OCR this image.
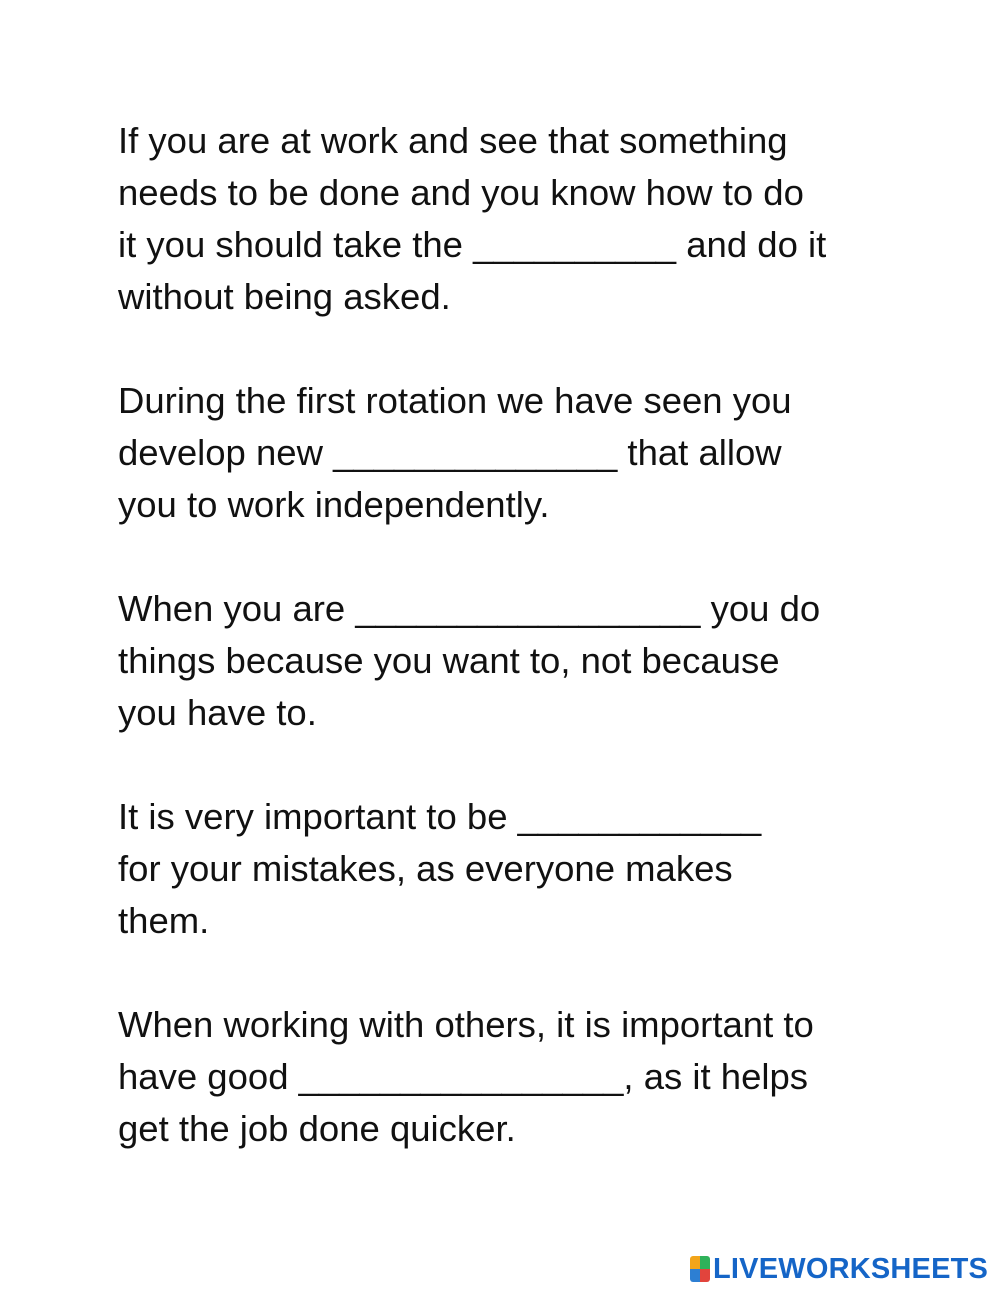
If you are at work and see that something

needs to be done and you know how to do

it you should take the __________ and do it

without being asked.

During the first rotation we have seen you

develop new ______________ that allow

you to work independently.

When you are _________________ you do

things because you want to, not because

you have to.

It is very important to be ____________

for your mistakes, as everyone makes

them.

When working with others, it is important to

have good ________________, as it helps

get the job done quicker.

LIVEWORKSHEETS
